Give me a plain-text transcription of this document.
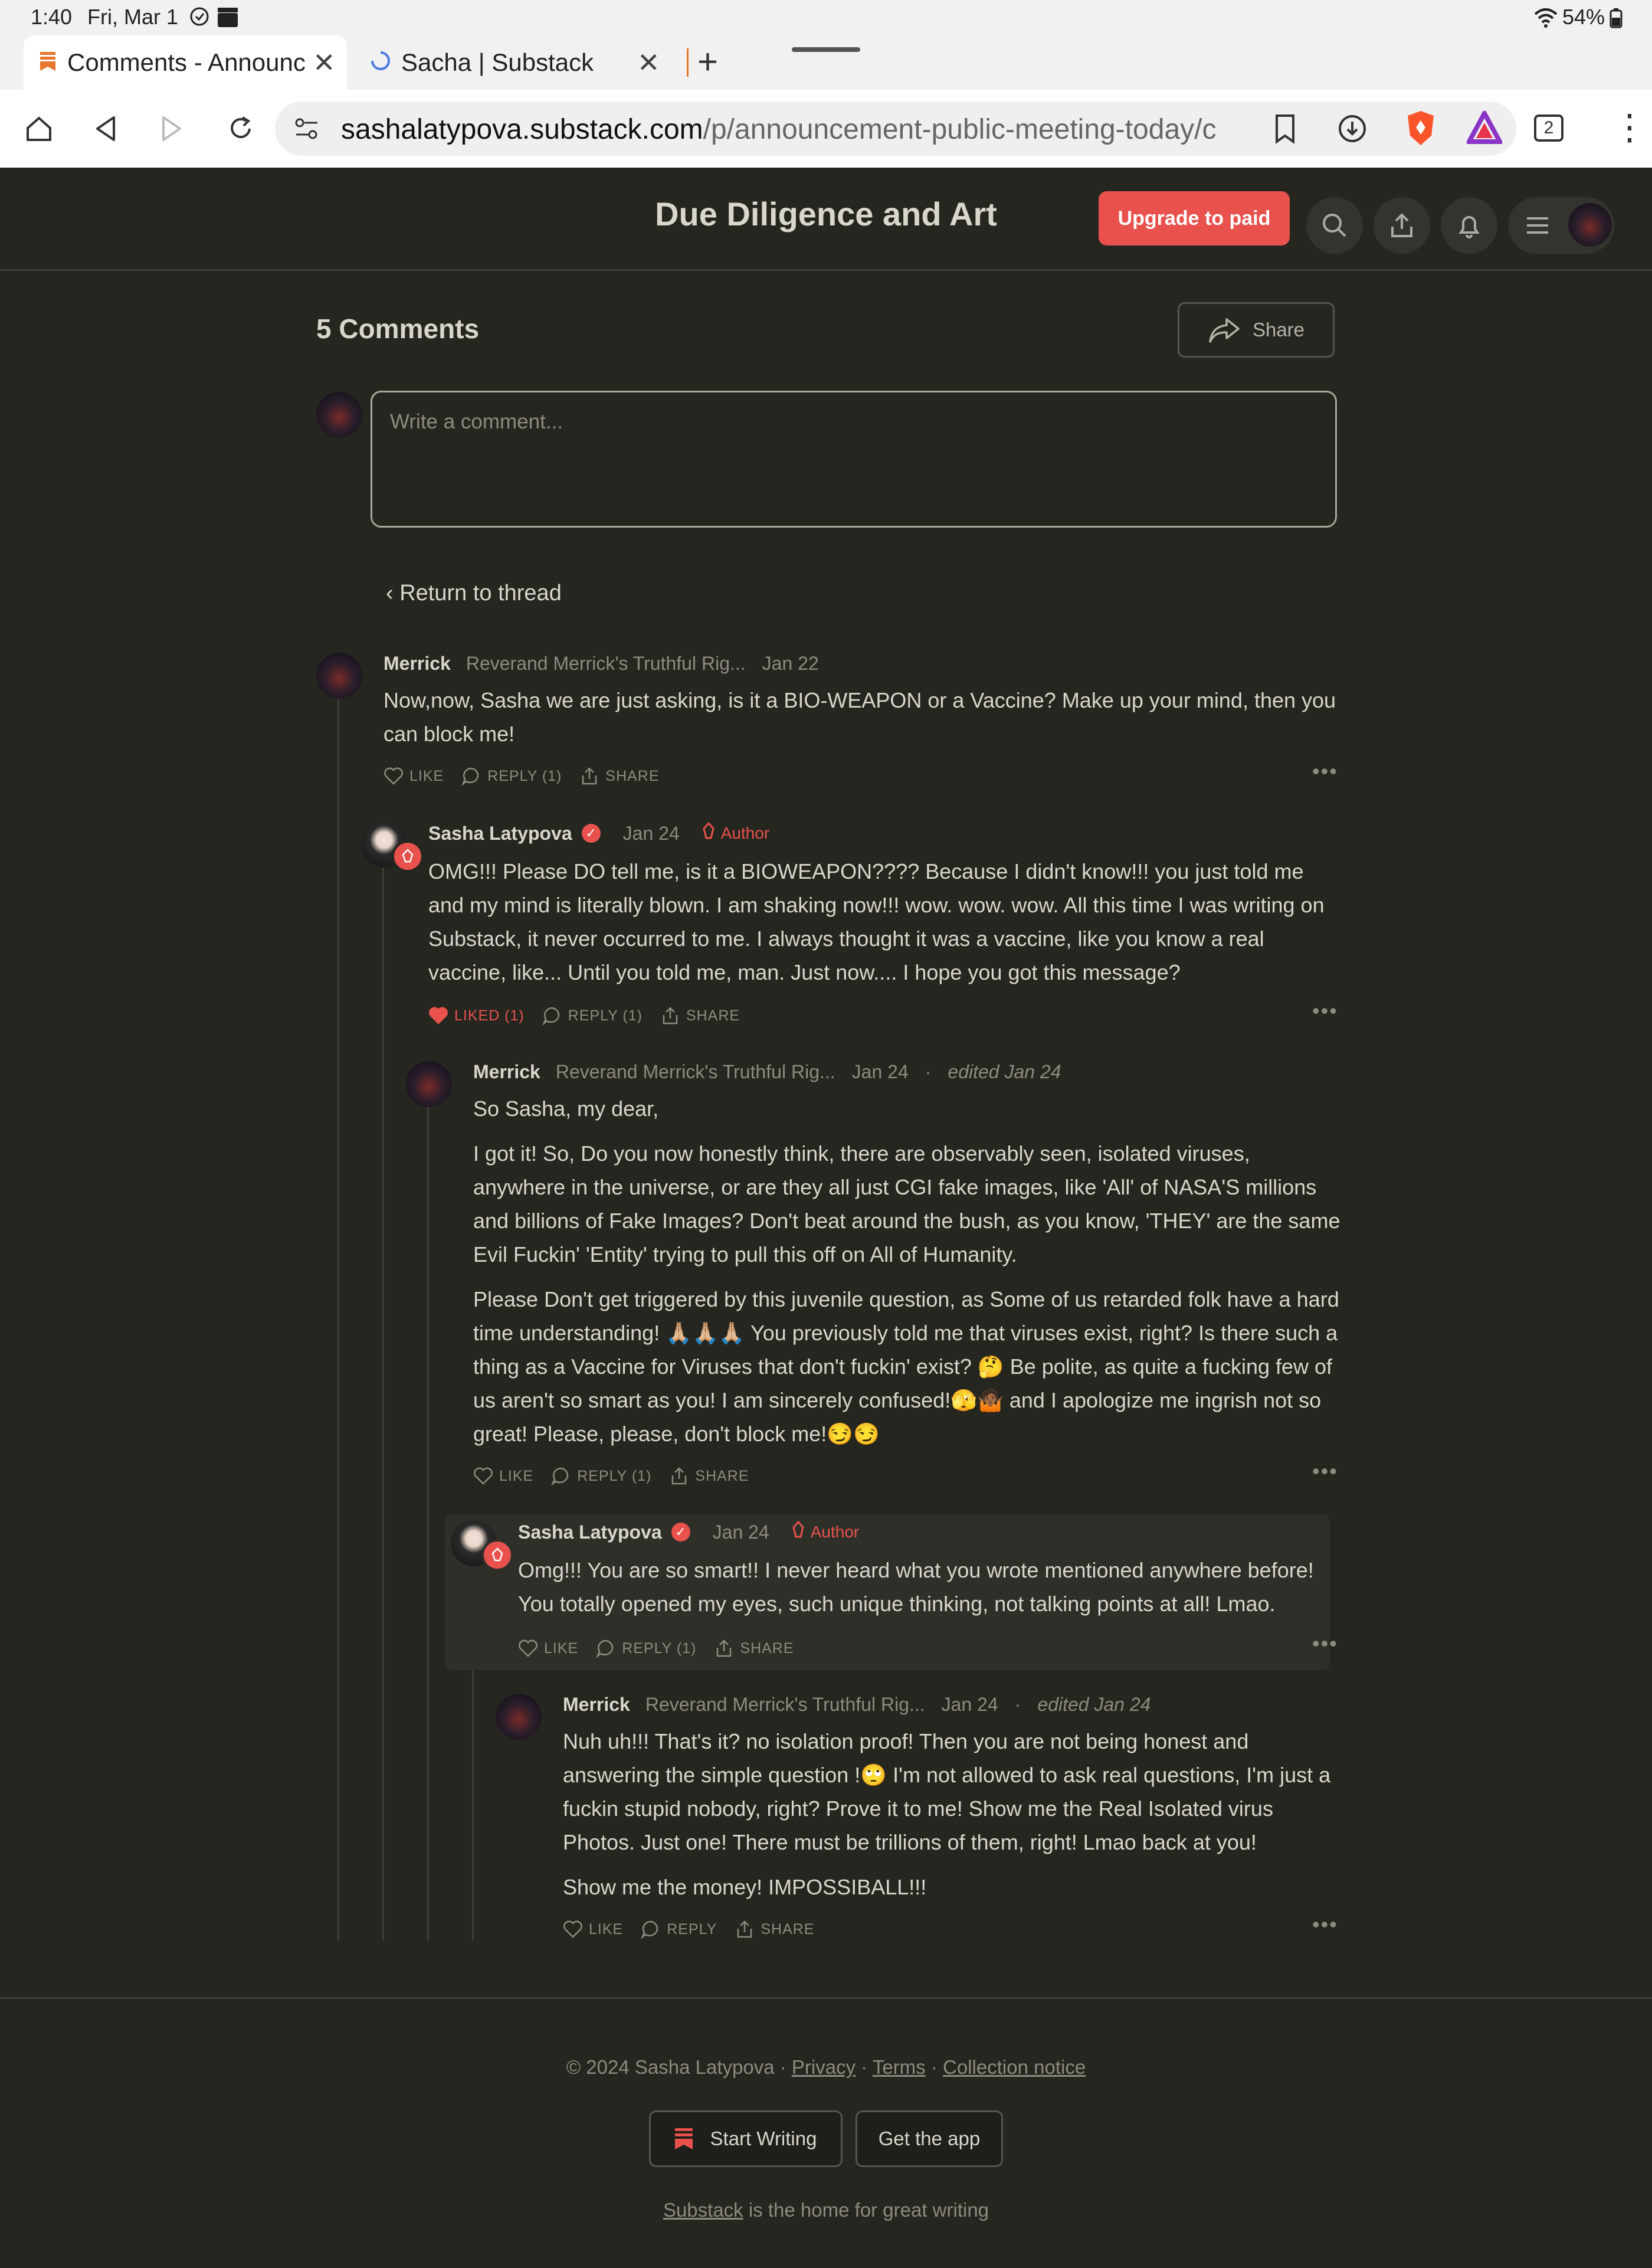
1:40 Fri, Mar 1	54%
Comments - Announc ✕	Sacha | Substack	✕ +
sashalatypova.substack.com/p/announcement-public-meeting-today/c	2 ⋮
Due Diligence and Art	Upgrade to paid
5 Comments	Share
Write a comment...
‹ Return to thread
Merrick Reverand Merrick's Truthful Rig... Jan 22

Now,now, Sasha we are just asking, is it a BIO-WEAPON or a Vaccine? Make up your mind, then you can block me!

LIKE	REPLY (1)	SHARE	•••
Sasha Latypova	✓ Jan 24	Author

OMG!!! Please DO tell me, is it a BIOWEAPON???? Because I didn't know!!! you just told me and my mind is literally blown. I am shaking now!!! wow. wow. wow. All this time I was writing on Substack, it never occurred to me. I always thought it was a vaccine, like you know a real vaccine, like... Until you told me, man. Just now.... I hope you got this message?

LIKED (1)	REPLY (1)	SHARE	•••
Merrick Reverand Merrick's Truthful Rig... Jan 24 · edited Jan 24

So Sasha, my dear,

I got it! So, Do you now honestly think, there are observably seen, isolated viruses, anywhere in the universe, or are they all just CGI fake images, like 'All' of NASA'S millions and billions of Fake Images? Don't beat around the bush, as you know, 'THEY' are the same Evil Fuckin' 'Entity' trying to pull this off on All of Humanity.

Please Don't get triggered by this juvenile question, as Some of us retarded folk have a hard time understanding! 🙏🏼🙏🏼🙏🏼 You previously told me that viruses exist, right? Is there such a thing as a Vaccine for Viruses that don't fuckin' exist? 🤔 Be polite, as quite a fucking few of us aren't so smart as you! I am sincerely confused!🫣🤷🏾 and I apologize me ingrish not so great! Please, please, don't block me!😏😏

LIKE	REPLY (1)	SHARE	•••
Sasha Latypova	✓ Jan 24	Author

Omg!!! You are so smart!! I never heard what you wrote mentioned anywhere before! You totally opened my eyes, such unique thinking, not talking points at all! Lmao.

LIKE	REPLY (1)	SHARE	•••
Merrick Reverand Merrick's Truthful Rig... Jan 24 · edited Jan 24

Nuh uh!!! That's it? no isolation proof! Then you are not being honest and answering the simple question !🙄 I'm not allowed to ask real questions, I'm just a fuckin stupid nobody, right? Prove it to me! Show me the Real Isolated virus Photos. Just one! There must be trillions of them, right! Lmao back at you!

Show me the money! IMPOSSIBALL!!!

LIKE	REPLY	SHARE	•••
© 2024 Sasha Latypova · Privacy · Terms · Collection notice
Start Writing	Get the app
Substack is the home for great writing
